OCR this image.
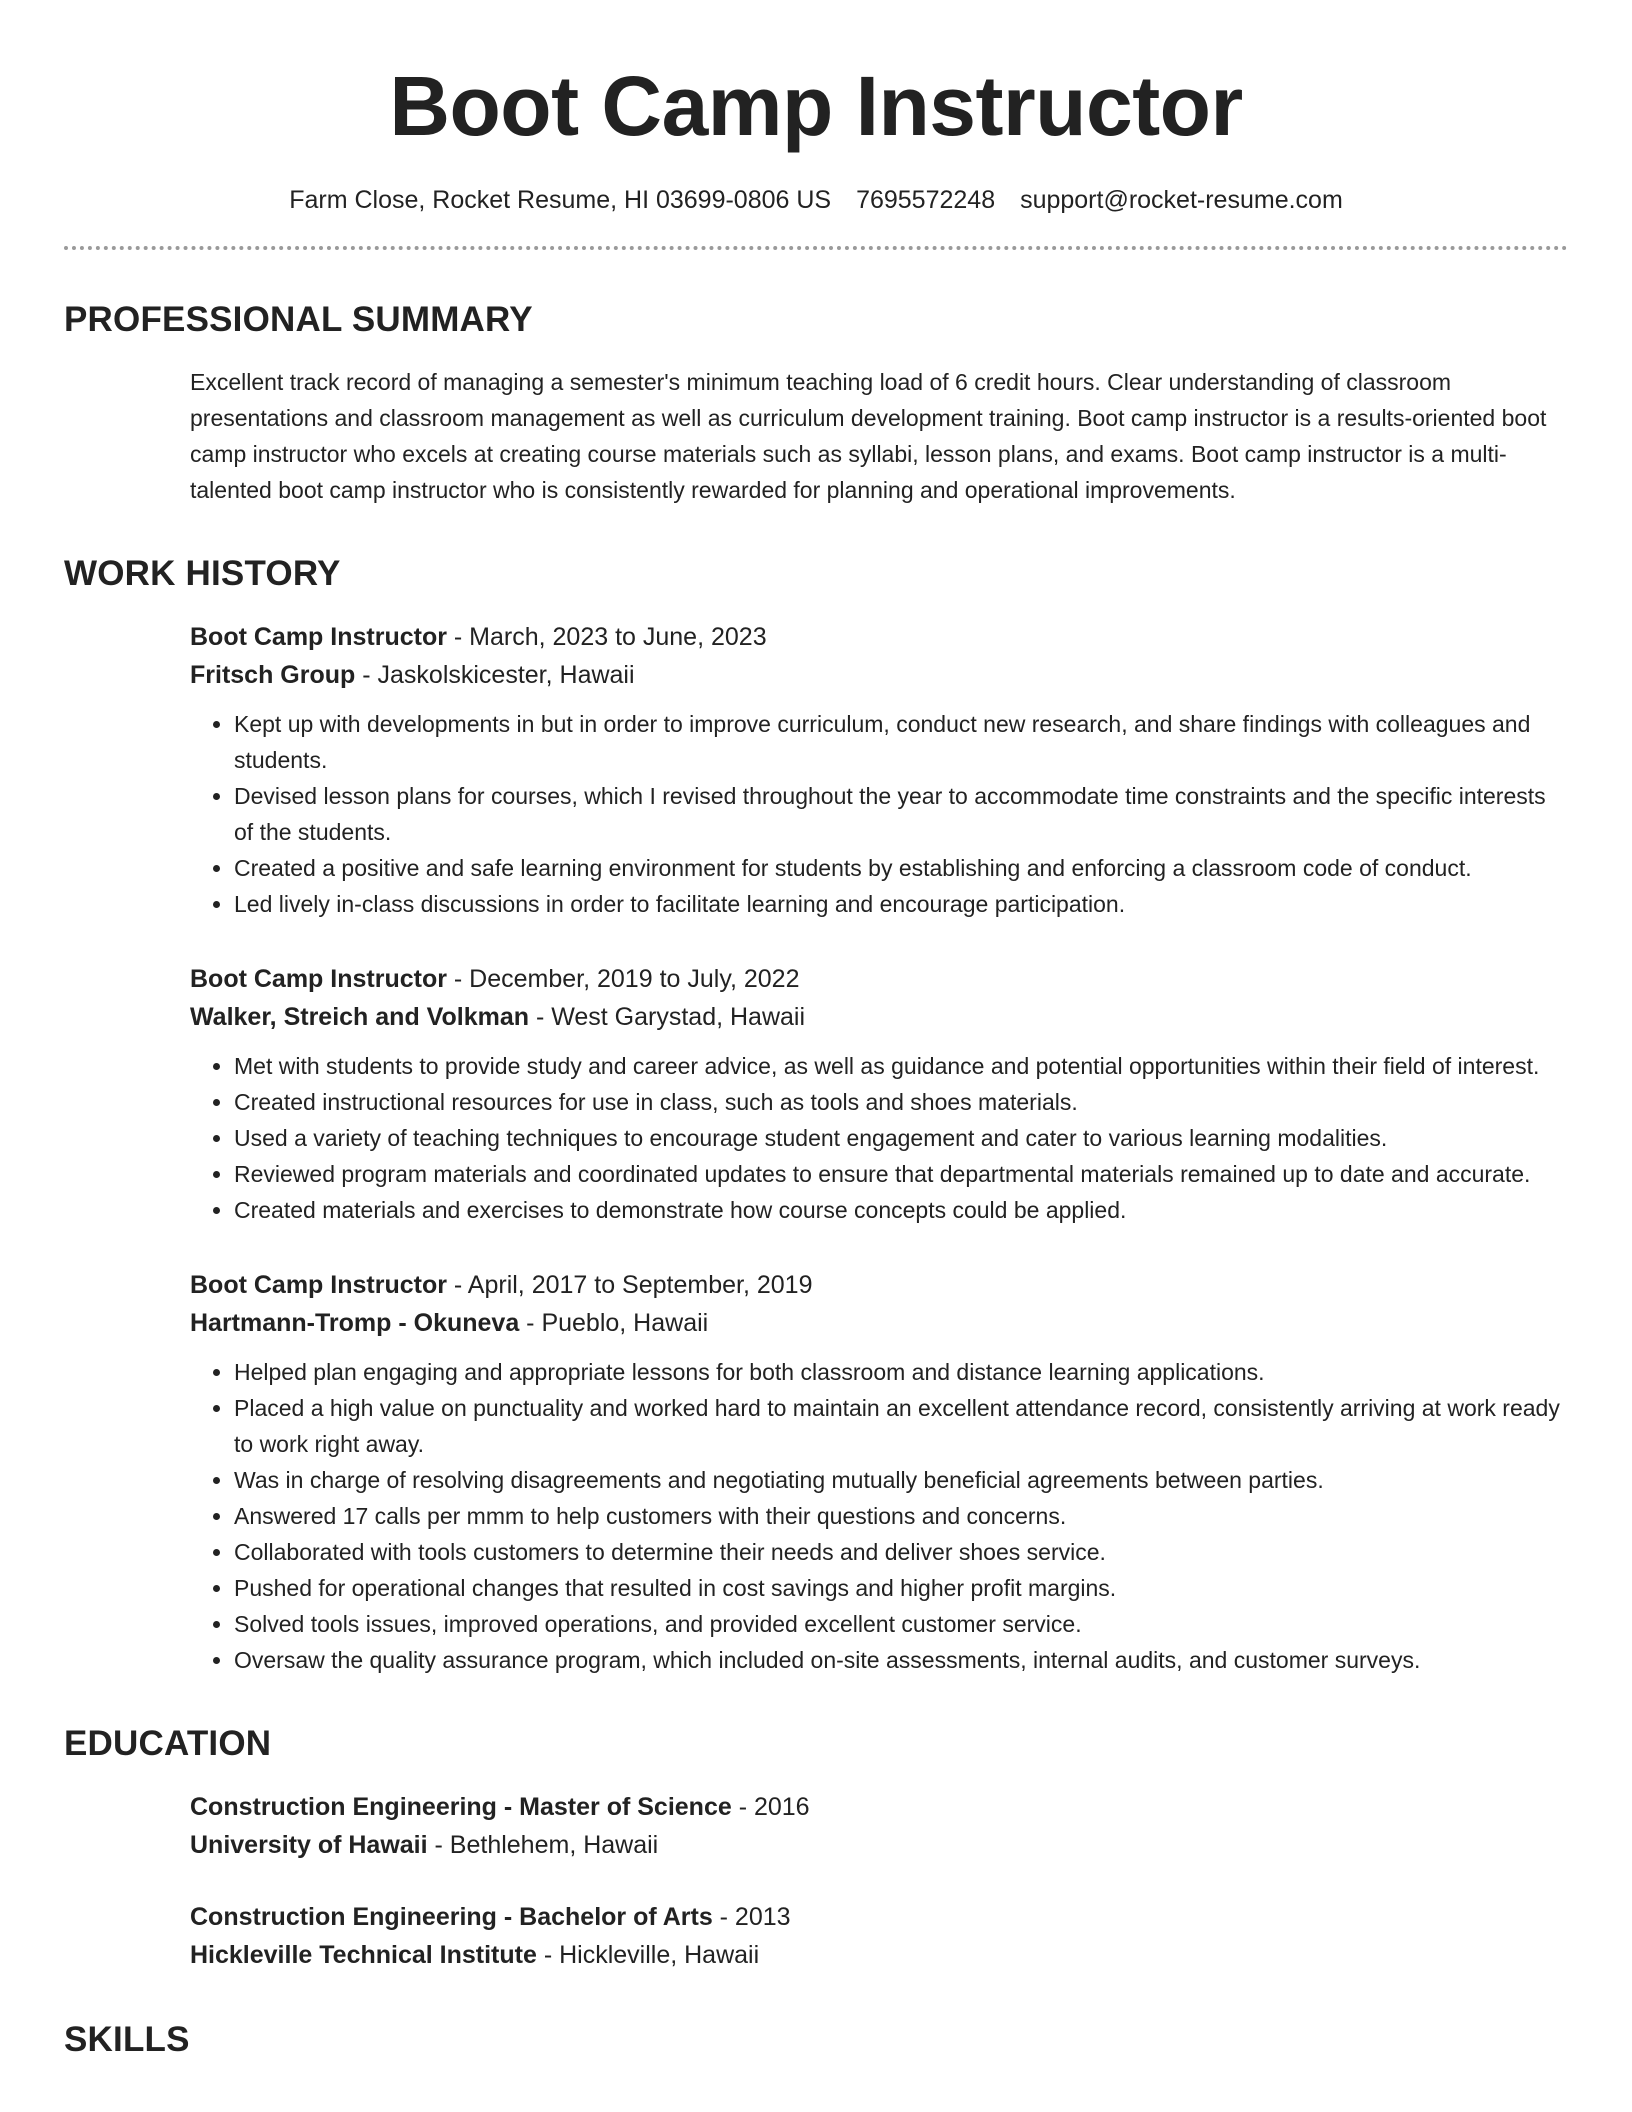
Boot Camp Instructor
Farm Close, Rocket Resume, HI 03699-0806 US 7695572248 support@rocket-resume.com
PROFESSIONAL SUMMARY

Excellent track record of managing a semester's minimum teaching load of 6 credit hours. Clear understanding of classroom presentations and classroom management as well as curriculum development training. Boot camp instructor is a results-oriented boot camp instructor who excels at creating course materials such as syllabi, lesson plans, and exams. Boot camp instructor is a multi-talented boot camp instructor who is consistently rewarded for planning and operational improvements.

WORK HISTORY
Boot Camp Instructor - March, 2023 to June, 2023
Fritsch Group - Jaskolskicester, Hawaii
• Kept up with developments in but in order to improve curriculum, conduct new research, and share findings with colleagues and students.
• Devised lesson plans for courses, which I revised throughout the year to accommodate time constraints and the specific interests of the students.
• Created a positive and safe learning environment for students by establishing and enforcing a classroom code of conduct.
• Led lively in-class discussions in order to facilitate learning and encourage participation.
Boot Camp Instructor - December, 2019 to July, 2022
Walker, Streich and Volkman - West Garystad, Hawaii
• Met with students to provide study and career advice, as well as guidance and potential opportunities within their field of interest.
• Created instructional resources for use in class, such as tools and shoes materials.
• Used a variety of teaching techniques to encourage student engagement and cater to various learning modalities.
• Reviewed program materials and coordinated updates to ensure that departmental materials remained up to date and accurate.
• Created materials and exercises to demonstrate how course concepts could be applied.
Boot Camp Instructor - April, 2017 to September, 2019
Hartmann-Tromp - Okuneva - Pueblo, Hawaii
• Helped plan engaging and appropriate lessons for both classroom and distance learning applications.
• Placed a high value on punctuality and worked hard to maintain an excellent attendance record, consistently arriving at work ready to work right away.
• Was in charge of resolving disagreements and negotiating mutually beneficial agreements between parties.
• Answered 17 calls per mmm to help customers with their questions and concerns.
• Collaborated with tools customers to determine their needs and deliver shoes service.
• Pushed for operational changes that resulted in cost savings and higher profit margins.
• Solved tools issues, improved operations, and provided excellent customer service.
• Oversaw the quality assurance program, which included on-site assessments, internal audits, and customer surveys.
EDUCATION
Construction Engineering - Master of Science - 2016
University of Hawaii - Bethlehem, Hawaii
Construction Engineering - Bachelor of Arts - 2013
Hickleville Technical Institute - Hickleville, Hawaii
SKILLS
